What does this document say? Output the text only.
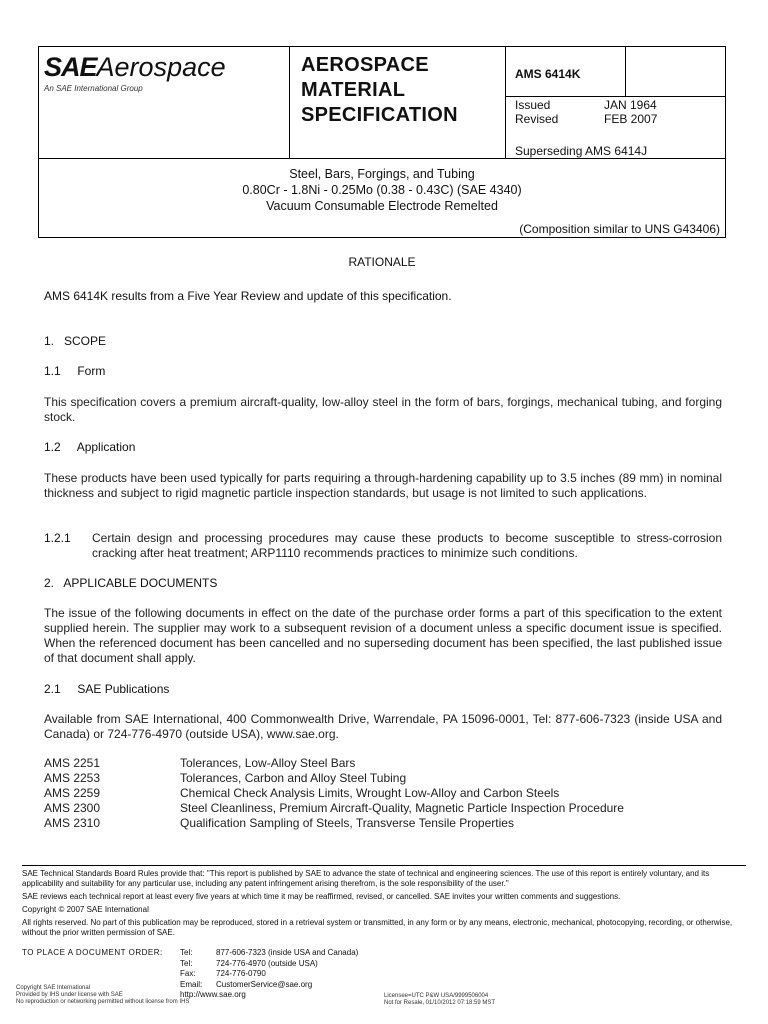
SAEAerospace
An SAE International Group
AEROSPACE
MATERIAL
SPECIFICATION
AMS 6414K
Issued	JAN 1964
Revised	FEB 2007
Superseding AMS 6414J
Steel, Bars, Forgings, and Tubing
0.80Cr - 1.8Ni - 0.25Mo (0.38 - 0.43C) (SAE 4340)
Vacuum Consumable Electrode Remelted
(Composition similar to UNS G43406)
RATIONALE
AMS 6414K results from a Five Year Review and update of this specification.
1.   SCOPE
1.1     Form
This specification covers a premium aircraft-quality, low-alloy steel in the form of bars, forgings, mechanical tubing, and forging stock.
1.2     Application
These products have been used typically for parts requiring a through-hardening capability up to 3.5 inches (89 mm) in nominal thickness and subject to rigid magnetic particle inspection standards, but usage is not limited to such applications.
1.2.1 Certain design and processing procedures may cause these products to become susceptible to stress-corrosion cracking after heat treatment; ARP1110 recommends practices to minimize such conditions.
2.   APPLICABLE DOCUMENTS
The issue of the following documents in effect on the date of the purchase order forms a part of this specification to the extent supplied herein. The supplier may work to a subsequent revision of a document unless a specific document issue is specified. When the referenced document has been cancelled and no superseding document has been specified, the last published issue of that document shall apply.
2.1     SAE Publications
Available from SAE International, 400 Commonwealth Drive, Warrendale, PA 15096-0001, Tel: 877-606-7323 (inside USA and Canada) or 724-776-4970 (outside USA), www.sae.org.
AMS 2251	Tolerances, Low-Alloy Steel Bars
AMS 2253	Tolerances, Carbon and Alloy Steel Tubing
AMS 2259	Chemical Check Analysis Limits, Wrought Low-Alloy and Carbon Steels
AMS 2300	Steel Cleanliness, Premium Aircraft-Quality, Magnetic Particle Inspection Procedure
AMS 2310	Qualification Sampling of Steels, Transverse Tensile Properties
SAE Technical Standards Board Rules provide that: "This report is published by SAE to advance the state of technical and engineering sciences. The use of this report is entirely voluntary, and its applicability and suitability for any particular use, including any patent infringement arising therefrom, is the sole responsibility of the user."
SAE reviews each technical report at least every five years at which time it may be reaffirmed, revised, or cancelled. SAE invites your written comments and suggestions.
Copyright © 2007 SAE International
All rights reserved. No part of this publication may be reproduced, stored in a retrieval system or transmitted, in any form or by any means, electronic, mechanical, photocopying, recording, or otherwise, without the prior written permission of SAE.
TO PLACE A DOCUMENT ORDER: Tel:	877-606-7323 (inside USA and Canada)
Tel:	724-776-4970 (outside USA)
Fax:	724-776-0790
Email: CustomerService@sae.org
http://www.sae.org
Copyright SAE International
Provided by IHS under license with SAE
No reproduction or networking permitted without license from IHS
Licensee=UTC P&W USA/9999506004
Not for Resale, 01/10/2012 07:18:59 MST
